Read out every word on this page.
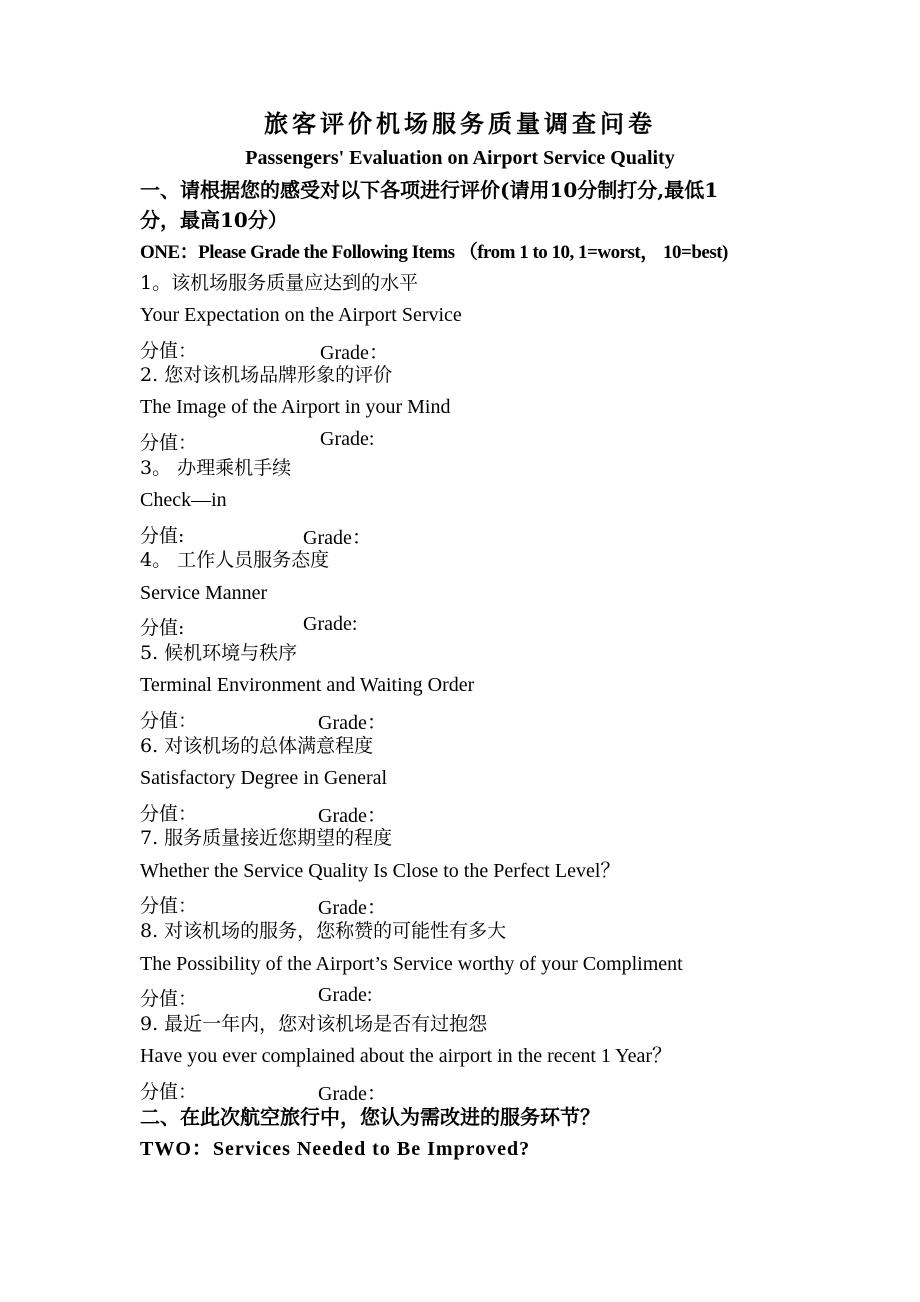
旅客评价机场服务质量调查问卷
Passengers' Evaluation on Airport Service Quality
一、请根据您的感受对以下各项进行评价(请用10分制打分,最低1
分，最高10分）
ONE：Please Grade the Following Items （from 1 to 10, 1=worst， 10=best)
1。该机场服务质量应达到的水平
Your Expectation on the Airport Service
分值：	Grade：
2. 您对该机场品牌形象的评价
The Image of the Airport in your Mind
分值：	Grade:
3。 办理乘机手续
Check—in
分值:	Grade：
4。 工作人员服务态度
Service Manner
分值:	Grade:
5. 候机环境与秩序
Terminal Environment and Waiting Order
分值：	Grade：
6. 对该机场的总体满意程度
Satisfactory Degree in General
分值：	Grade：
7. 服务质量接近您期望的程度
Whether the Service Quality Is Close to the Perfect Level？
分值：	Grade：
8. 对该机场的服务，您称赞的可能性有多大
The Possibility of the Airport’s Service worthy of your Compliment
分值：	Grade:
9. 最近一年内，您对该机场是否有过抱怨
Have you ever complained about the airport in the recent 1 Year？
分值：	Grade：
二、在此次航空旅行中，您认为需改进的服务环节？
TWO：Services Needed to Be Improved?
